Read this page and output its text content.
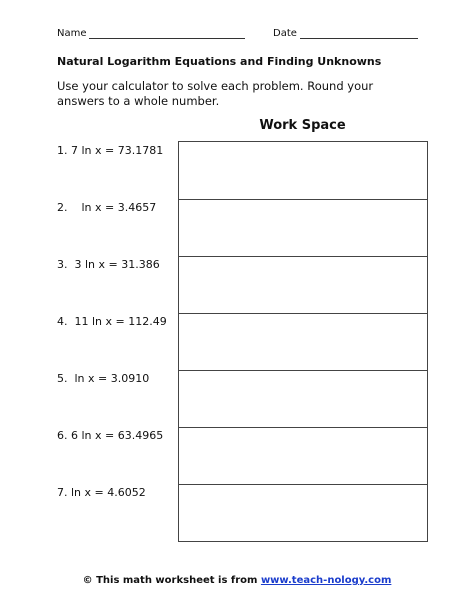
Name	Date
Natural Logarithm Equations and Finding Unknowns
Use your calculator to solve each problem. Round your answers to a whole number.
Work Space
1. 7 ln x = 73.1781
2.    ln x = 3.4657
3.  3 ln x = 31.386
4.  11 ln x = 112.49
5.  ln x = 3.0910
6. 6 ln x = 63.4965
7. ln x = 4.6052
© This math worksheet is from www.teach-nology.com
